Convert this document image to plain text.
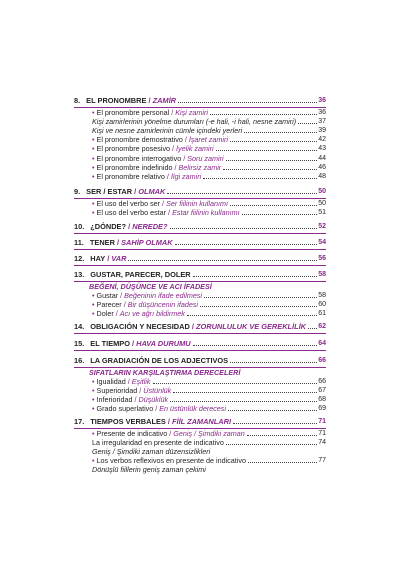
8. EL PRONOMBRE / ZAMİR	36
• El pronombre personal / Kişi zamiri	36
Kişi zamirlerinin yönelme durumları (-e hali, -i hali, nesne zamiri)	37
Kişi ve nesne zamirlerinin cümle içindeki yerleri	39
• El pronombre demostrativo / İşaret zamiri	42
• El pronombre posesivo / İyelik zamiri	43
• El pronombre interrogativo / Soru zamiri	44
• El pronombre indefinido / Belirsiz zamir	46
• El pronombre relativo / İlgi zamiri	48
9. SER / ESTAR / OLMAK	50
• El uso del verbo ser / Ser fiilinin kullanımı	50
• El uso del verbo estar / Estar fiilinin kullanımı	51
10. ¿DÓNDE? / NEREDE?	52
11. TENER / SAHİP OLMAK	54
12. HAY / VAR	56
13. GUSTAR, PARECER, DOLER	58
BEĞENİ, DÜŞÜNCE VE ACI İFADESİ
• Gustar / Beğeninin ifade edilmesi	58
• Parecer / Bir düşüncenin ifadesi	60
• Doler / Acı ve ağrı bildirmek	61
14. OBLIGACIÓN Y NECESIDAD / ZORUNLULUK VE GEREKLİLİK 62
15. EL TIEMPO / HAVA DURUMU	64
16. LA GRADIACIÓN DE LOS ADJECTIVOS	66
SIFATLARIN KARŞILAŞTIRMA DERECELERİ
• Igualidad / Eşitlik	66
• Superioridad / Üstünlük	67
• Inferioridad / Düşüklük	68
• Grado superlativo / En üstünlük derecesi	69
17. TIEMPOS VERBALES / FİİL ZAMANLARI	71
• Presente de indicativo / Geniş / Şimdiki zaman	71
La irregularidad en presente de indicativo	74
Geniş / Şimdiki zaman düzensizlikleri
• Los verbos reflexivos en presente de indicativo	77
Dönüşlü fiillerin geniş zaman çekimi
